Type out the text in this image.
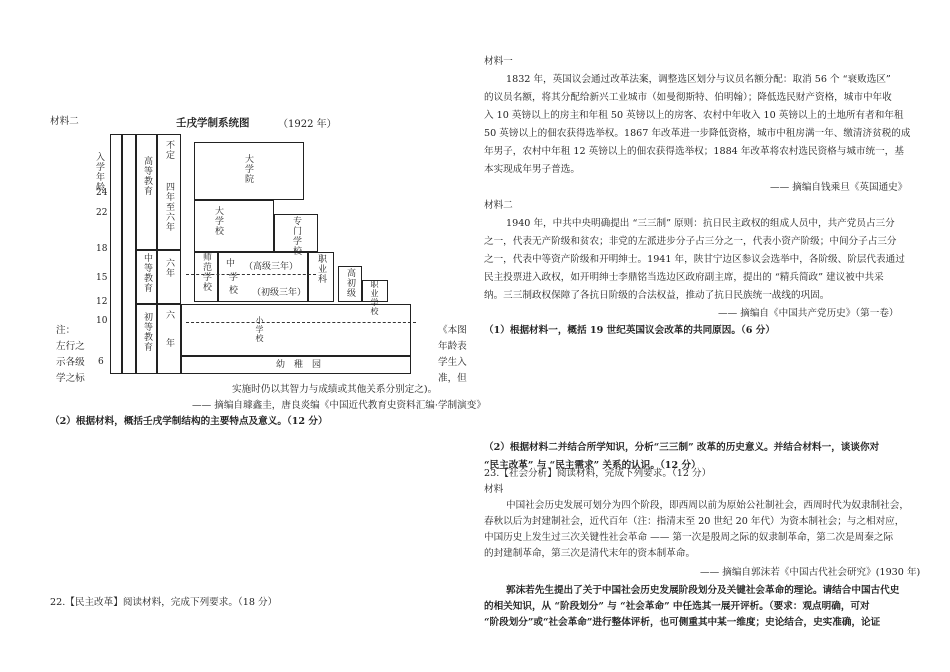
材料二	壬戌学制系统图	（1922 年）
入学年龄
24
22
18
15
12
10
6
高等教育
中等教育
初等教育
不定
四年至六年
六年
六
年
大学院
大学校	专门学校
师范学校 中 （高级三年）
学
校 （初级三年）
职业科 高初级 职业学校
小学校
幼　稚　园
注：
左行之
示各级
学之标
《本图
年龄表
学生入
准，但
实施时仍以其智力与成绩或其他关系分别定之)。
—— 摘编自璩鑫圭，唐良炎编《中国近代教育史资料汇编·学制演变》
（2）根据材料，概括壬戌学制结构的主要特点及意义。（12 分）
22.【民主改革】阅读材料，完成下列要求。（18 分）
材料一
1832 年，英国议会通过改革法案，调整选区划分与议员名额分配：取消 56 个 “衰败选区”
的议员名额，将其分配给新兴工业城市（如曼彻斯特、伯明翰）；降低选民财产资格，城市中年收
入 10 英镑以上的房主和年租 50 英镑以上的房客、农村中年收入 10 英镑以上的土地所有者和年租
50 英镑以上的佃农获得选举权。1867 年改革进一步降低资格，城市中租房满一年、缴清济贫税的成
年男子，农村中年租 12 英镑以上的佃农获得选举权；1884 年改革将农村选民资格与城市统一，基
本实现成年男子普选。
—— 摘编自钱乘旦《英国通史》
材料二
1940 年，中共中央明确提出 “三三制” 原则：抗日民主政权的组成人员中，共产党员占三分
之一，代表无产阶级和贫农；非党的左派进步分子占三分之一，代表小资产阶级；中间分子占三分
之一，代表中等资产阶级和开明绅士。1941 年，陕甘宁边区参议会选举中，各阶级、阶层代表通过
民主投票进入政权，如开明绅士李鼎铭当选边区政府副主席，提出的 “精兵简政” 建议被中共采
纳。三三制政权保障了各抗日阶级的合法权益，推动了抗日民族统一战线的巩固。
—— 摘编自《中国共产党历史》（第一卷）
（1）根据材料一，概括 19 世纪英国议会改革的共同原因。（6 分）
（2）根据材料二并结合所学知识，分析“三三制” 改革的历史意义。并结合材料一，谈谈你对
“民主改革” 与 “民主需求” 关系的认识。（12 分）
23.【社会分析】阅读材料，完成下列要求。（12 分）
材料
中国社会历史发展可划分为四个阶段，即西周以前为原始公社制社会，西周时代为奴隶制社会，
春秋以后为封建制社会，近代百年（注：指清末至 20 世纪 20 年代）为资本制社会；与之相对应，
中国历史上发生过三次关键性社会革命 —— 第一次是殷周之际的奴隶制革命，第二次是周秦之际
的封建制革命，第三次是清代末年的资本制革命。
—— 摘编自郭沫若《中国古代社会研究》(1930 年)
郭沫若先生提出了关于中国社会历史发展阶段划分及关键社会革命的理论。请结合中国古代史
的相关知识，从 “阶段划分” 与 “社会革命” 中任选其一展开评析。（要求：观点明确，可对
“阶段划分”或“社会革命”进行整体评析，也可侧重其中某一维度；史论结合，史实准确，论证
